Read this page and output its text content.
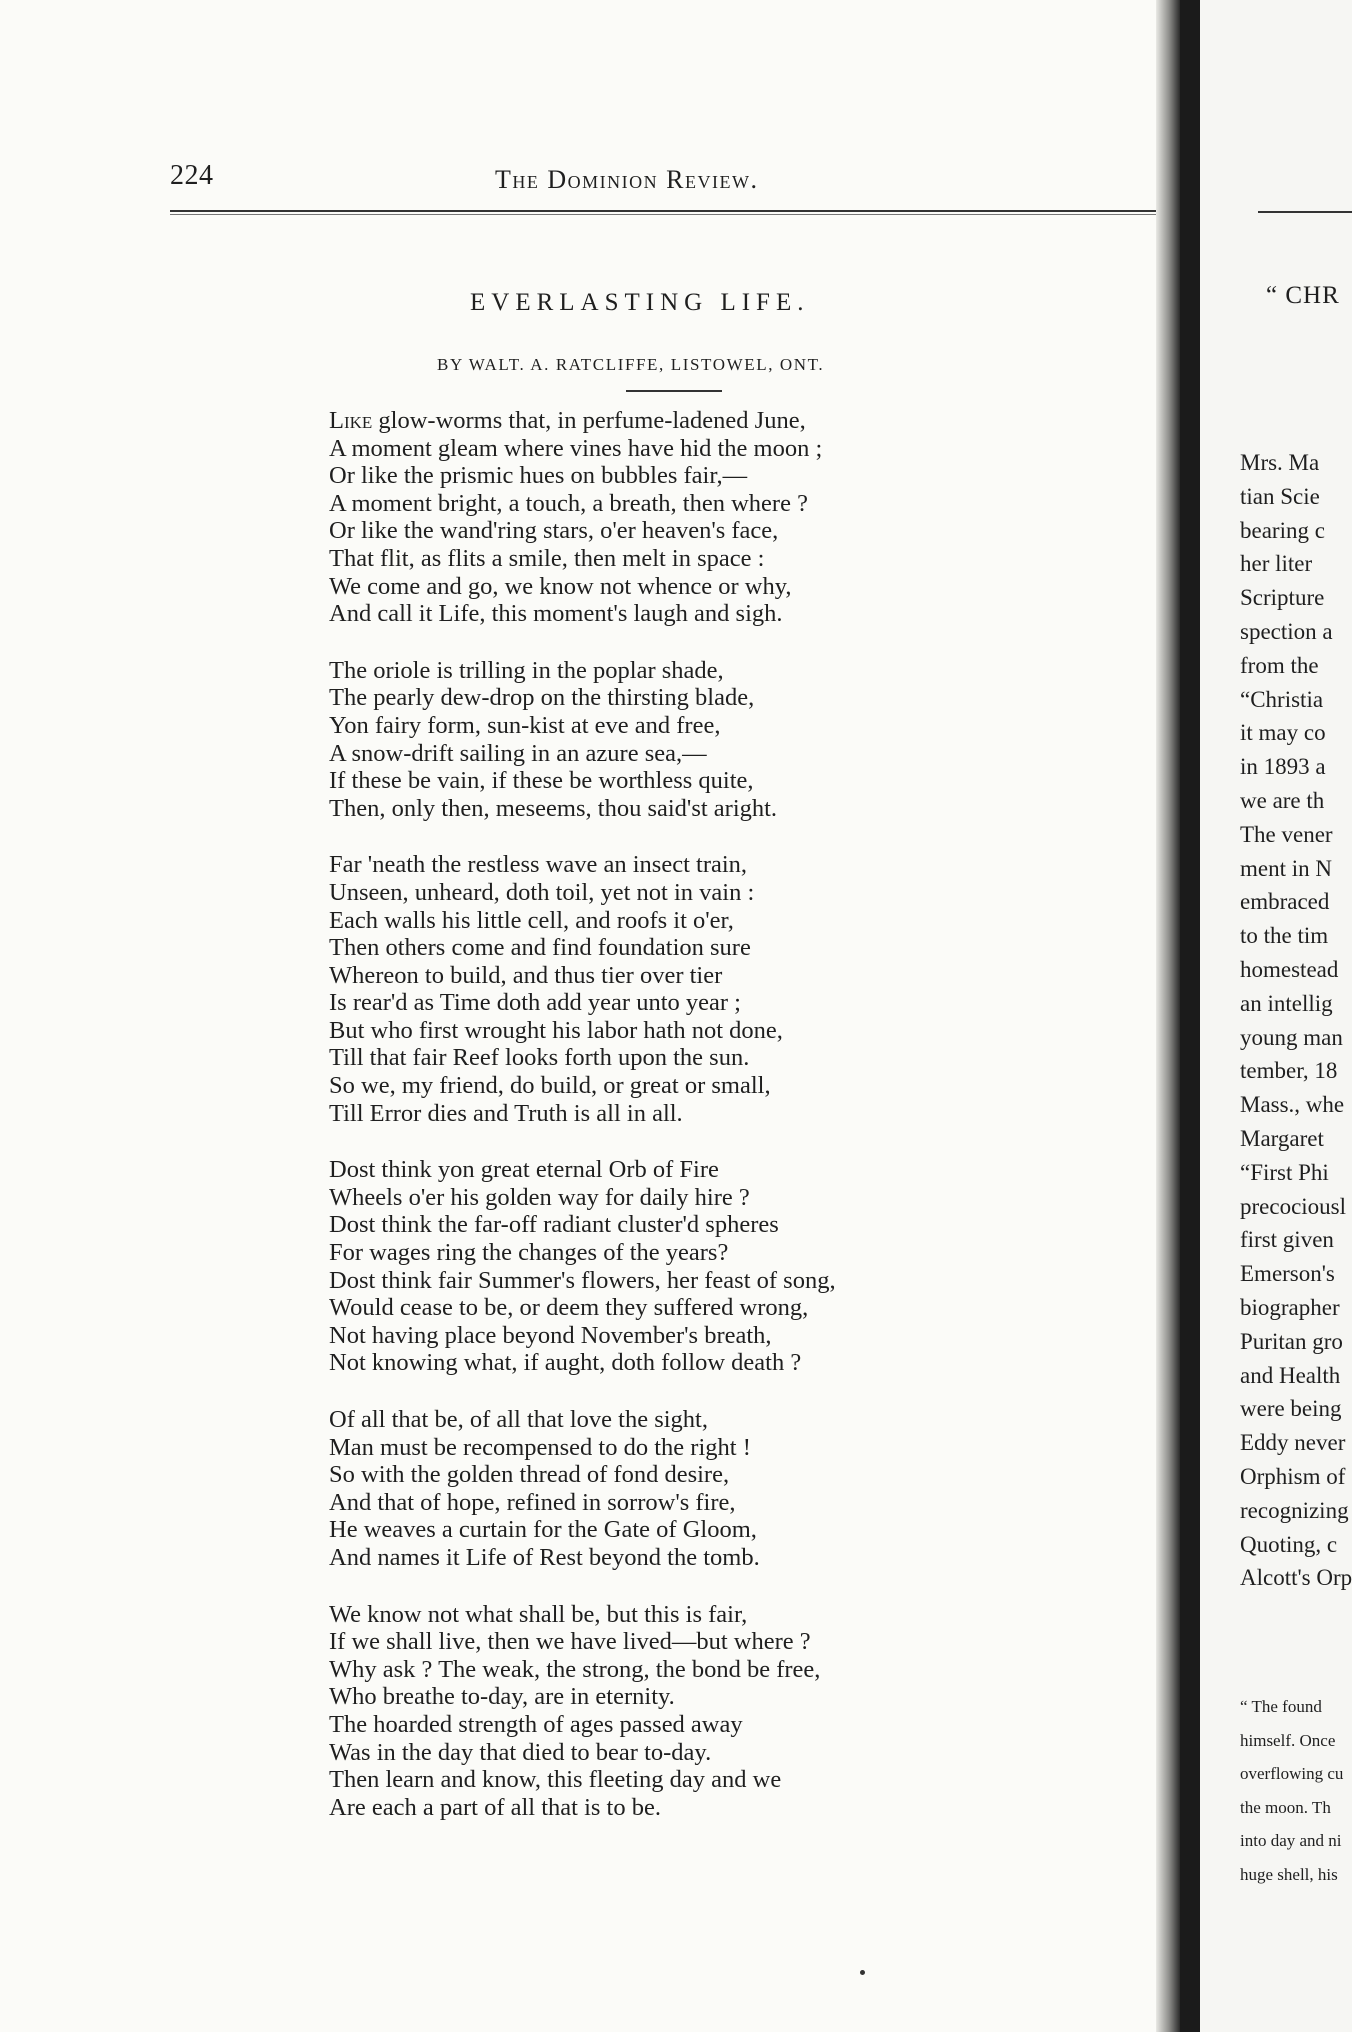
224	The Dominion Review.
EVERLASTING LIFE.
BY WALT. A. RATCLIFFE, LISTOWEL, ONT.
Like glow-worms that, in perfume-ladened June,
A moment gleam where vines have hid the moon ;
Or like the prismic hues on bubbles fair,—
A moment bright, a touch, a breath, then where ?
Or like the wand'ring stars, o'er heaven's face,
That flit, as flits a smile, then melt in space :
We come and go, we know not whence or why,
And call it Life, this moment's laugh and sigh.
The oriole is trilling in the poplar shade,
The pearly dew-drop on the thirsting blade,
Yon fairy form, sun-kist at eve and free,
A snow-drift sailing in an azure sea,—
If these be vain, if these be worthless quite,
Then, only then, meseems, thou said'st aright.
Far 'neath the restless wave an insect train,
Unseen, unheard, doth toil, yet not in vain :
Each walls his little cell, and roofs it o'er,
Then others come and find foundation sure
Whereon to build, and thus tier over tier
Is rear'd as Time doth add year unto year ;
But who first wrought his labor hath not done,
Till that fair Reef looks forth upon the sun.
So we, my friend, do build, or great or small,
Till Error dies and Truth is all in all.
Dost think yon great eternal Orb of Fire
Wheels o'er his golden way for daily hire ?
Dost think the far-off radiant cluster'd spheres
For wages ring the changes of the years?
Dost think fair Summer's flowers, her feast of song,
Would cease to be, or deem they suffered wrong,
Not having place beyond November's breath,
Not knowing what, if aught, doth follow death ?
Of all that be, of all that love the sight,
Man must be recompensed to do the right !
So with the golden thread of fond desire,
And that of hope, refined in sorrow's fire,
He weaves a curtain for the Gate of Gloom,
And names it Life of Rest beyond the tomb.
We know not what shall be, but this is fair,
If we shall live, then we have lived—but where ?
Why ask ? The weak, the strong, the bond be free,
Who breathe to-day, are in eternity.
The hoarded strength of ages passed away
Was in the day that died to bear to-day.
Then learn and know, this fleeting day and we
Are each a part of all that is to be.
“ CHR
Mrs. Ma
tian Scie
bearing c
her liter
Scripture
spection a
from the
“Christia
it may co
in 1893 a
we are th
The vener
ment in N
embraced
to the tim
homestead
an intellig
young man
tember, 18
Mass., whe
Margaret
“First Phi
precociousl
first given
Emerson's
biographer
Puritan gro
and Health
were being
Eddy never
Orphism of
recognizing
Quoting, c
Alcott's Orp
“ The found
himself. Once
overflowing cu
the moon. Th
into day and ni
huge shell, his
